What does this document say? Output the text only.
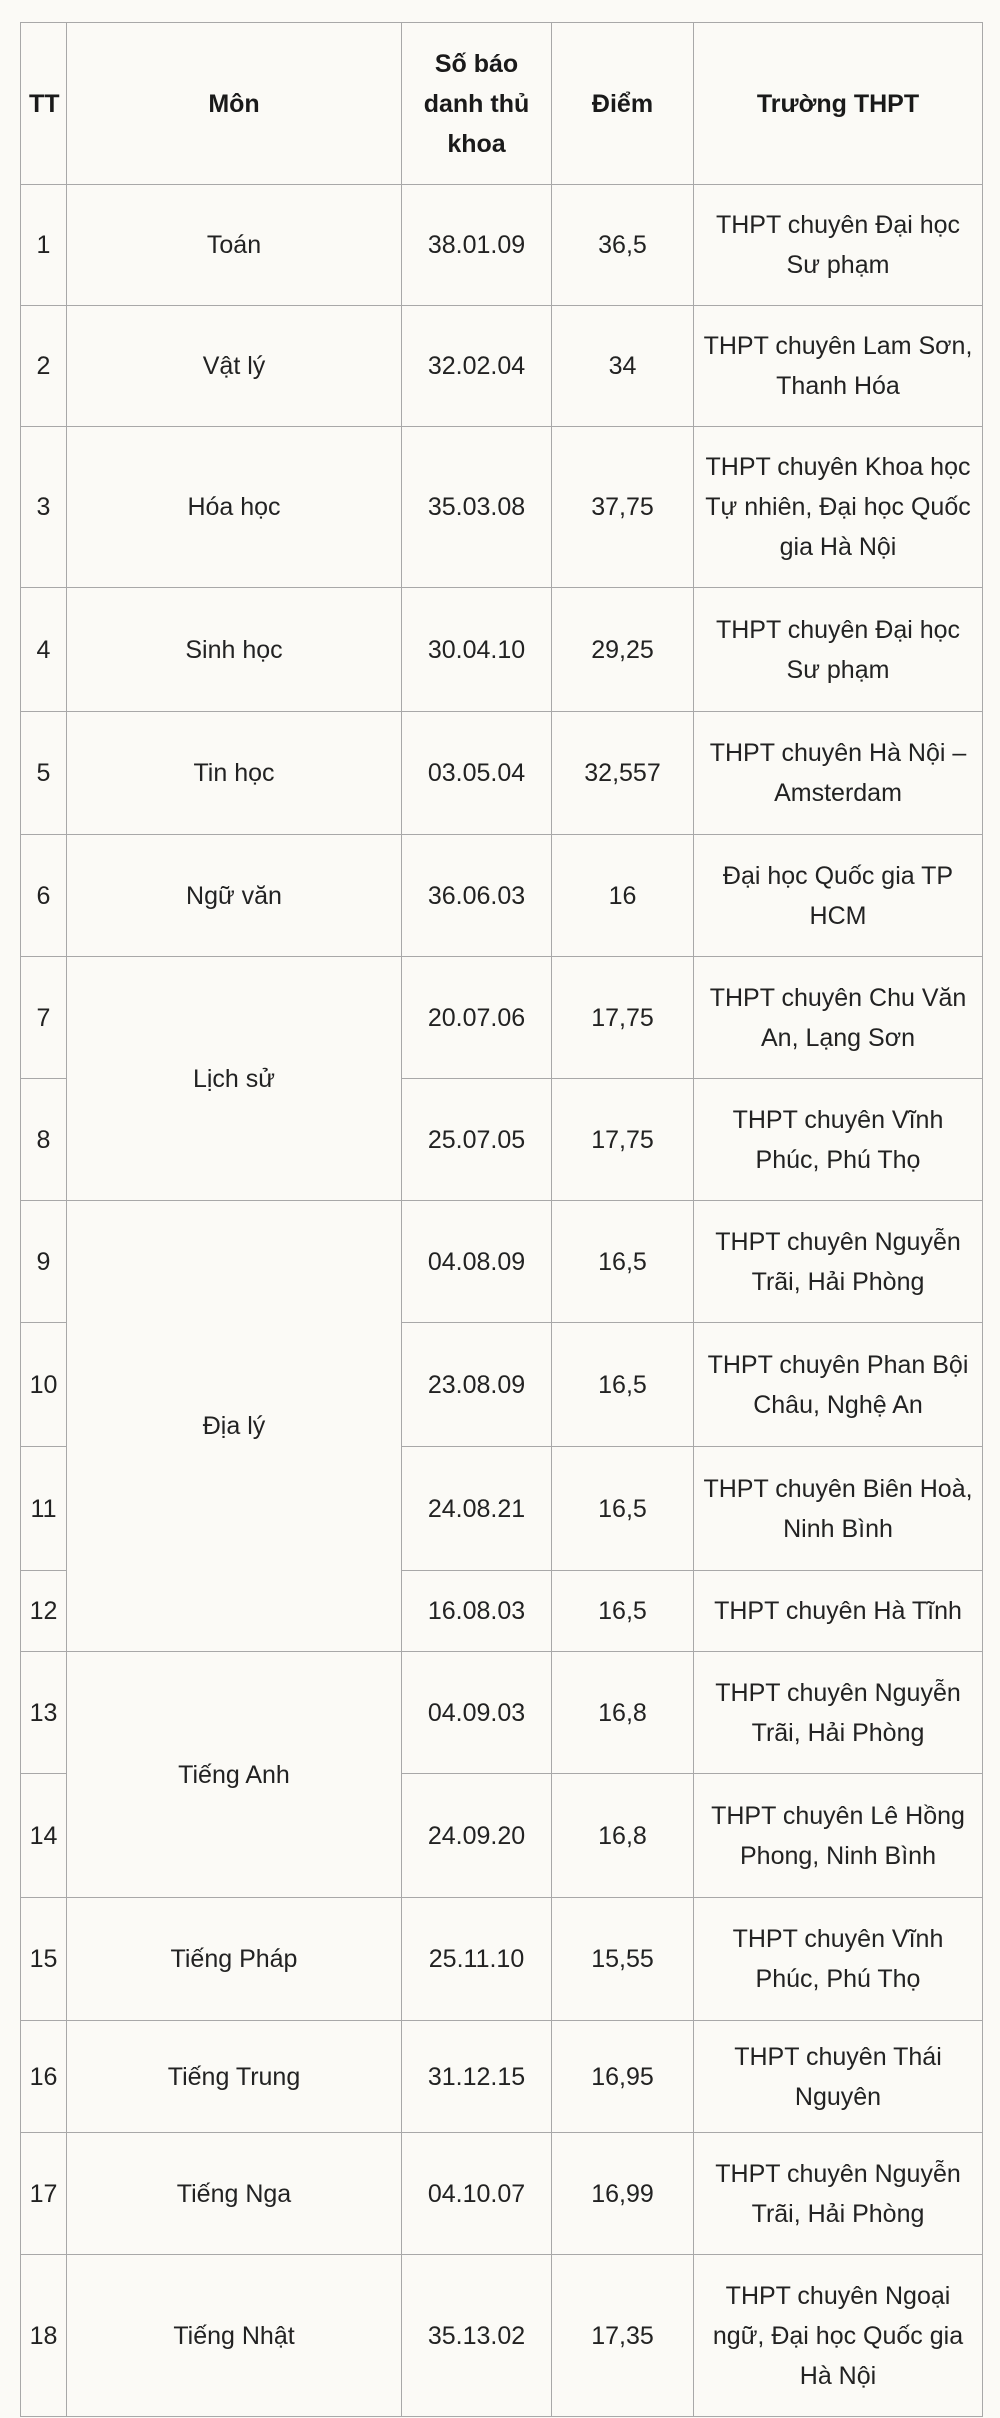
TT	Môn	Số báo danh thủ khoa	Điểm	Trường THPT
1	Toán	38.01.09	36,5	THPT chuyên Đại học Sư phạm
2	Vật lý	32.02.04	34	THPT chuyên Lam Sơn, Thanh Hóa
3	Hóa học	35.03.08	37,75	THPT chuyên Khoa học Tự nhiên, Đại học Quốc gia Hà Nội
4	Sinh học	30.04.10	29,25	THPT chuyên Đại học Sư phạm
5	Tin học	03.05.04	32,557	THPT chuyên Hà Nội – Amsterdam
6	Ngữ văn	36.06.03	16	Đại học Quốc gia TP HCM
7	Lịch sử	20.07.06	17,75	THPT chuyên Chu Văn An, Lạng Sơn
8		25.07.05	17,75	THPT chuyên Vĩnh Phúc, Phú Thọ
9	Địa lý	04.08.09	16,5	THPT chuyên Nguyễn Trãi, Hải Phòng
10		23.08.09	16,5	THPT chuyên Phan Bội Châu, Nghệ An
11		24.08.21	16,5	THPT chuyên Biên Hoà, Ninh Bình
12		16.08.03	16,5	THPT chuyên Hà Tĩnh
13	Tiếng Anh	04.09.03	16,8	THPT chuyên Nguyễn Trãi, Hải Phòng
14		24.09.20	16,8	THPT chuyên Lê Hồng Phong, Ninh Bình
15	Tiếng Pháp	25.11.10	15,55	THPT chuyên Vĩnh Phúc, Phú Thọ
16	Tiếng Trung	31.12.15	16,95	THPT chuyên Thái Nguyên
17	Tiếng Nga	04.10.07	16,99	THPT chuyên Nguyễn Trãi, Hải Phòng
18	Tiếng Nhật	35.13.02	17,35	THPT chuyên Ngoại ngữ, Đại học Quốc gia Hà Nội
